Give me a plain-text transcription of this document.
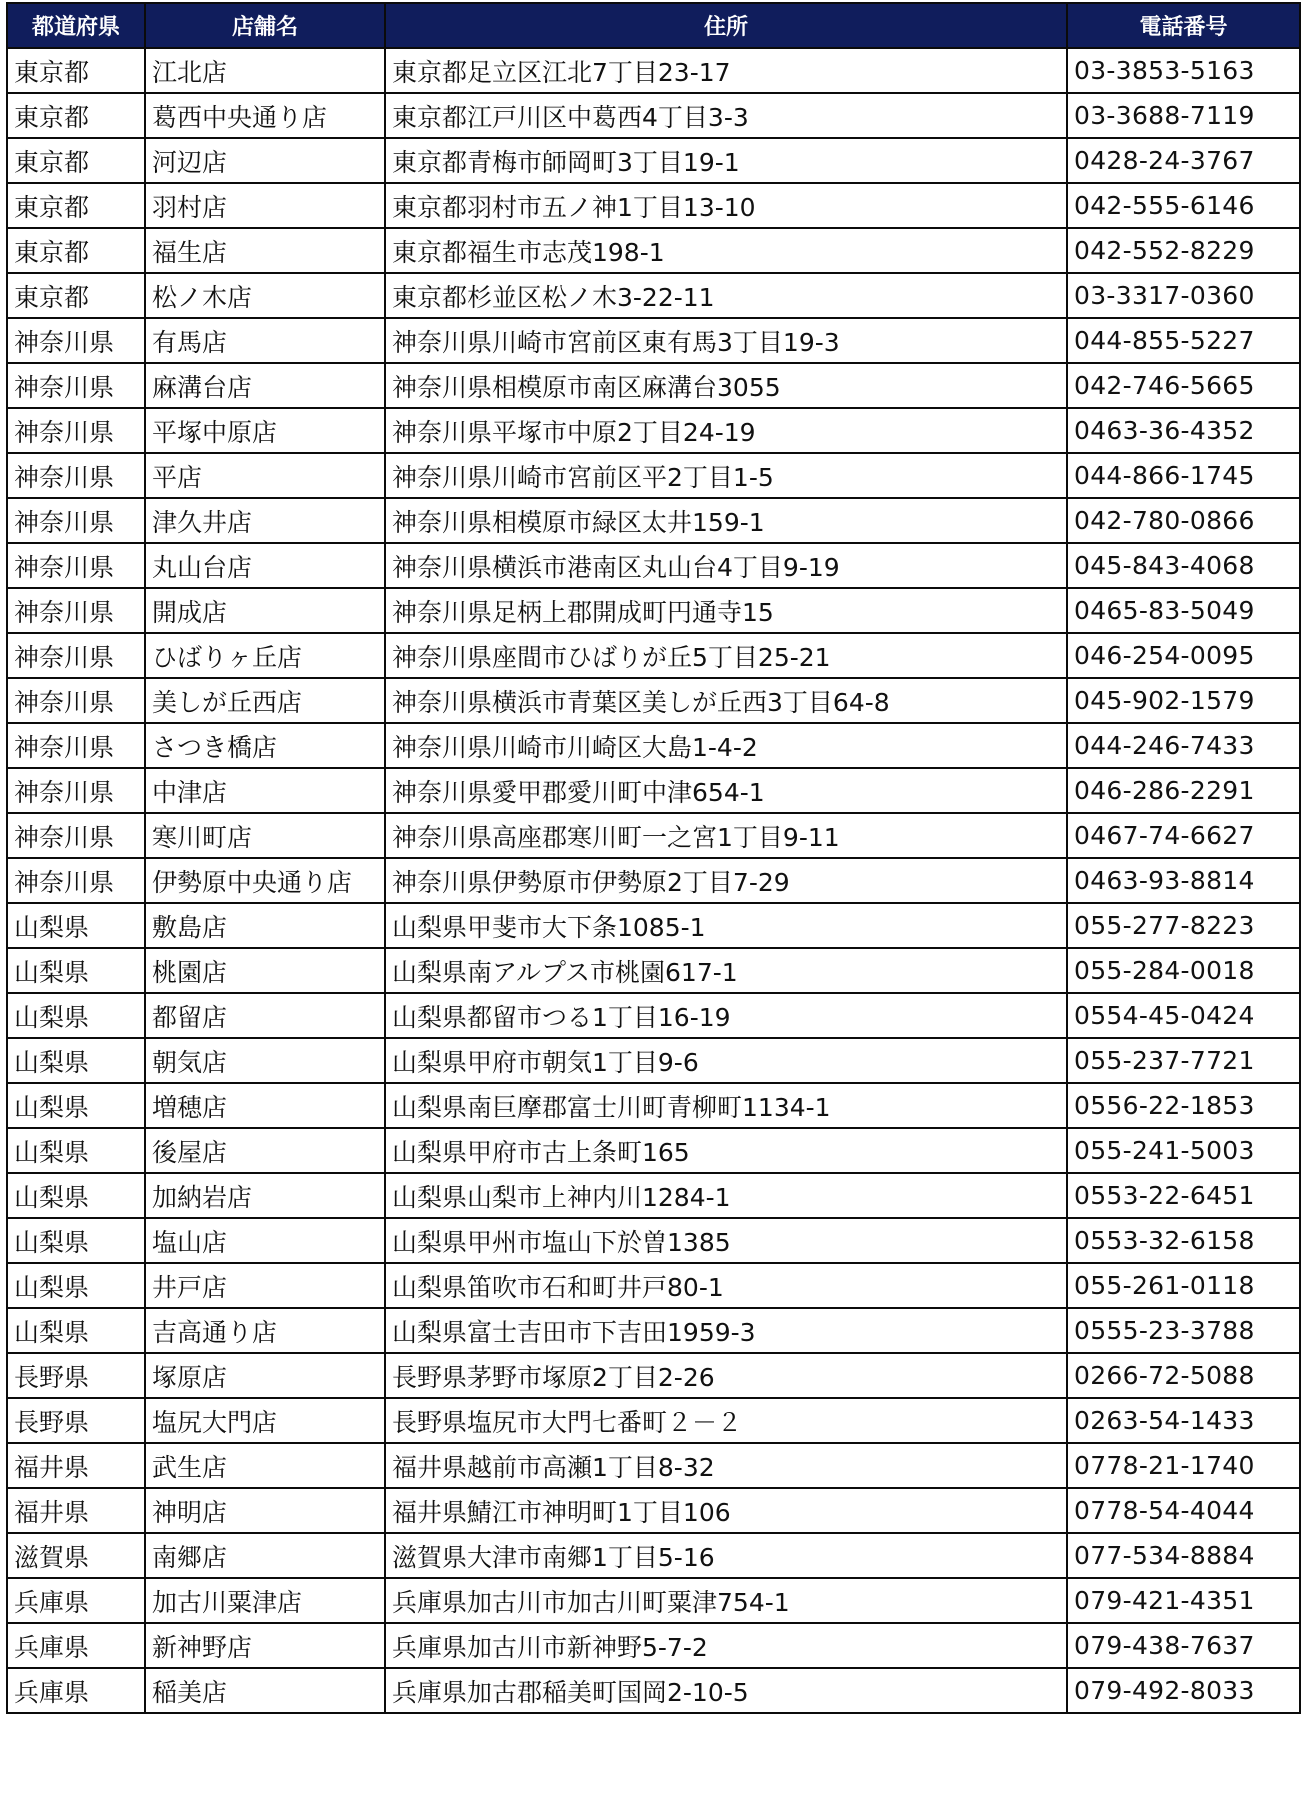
都道府県	店舗名	住所	電話番号
東京都	江北店	東京都足立区江北7丁目23-17	03-3853-5163
東京都	葛西中央通り店	東京都江戸川区中葛西4丁目3-3	03-3688-7119
東京都	河辺店	東京都青梅市師岡町3丁目19-1	0428-24-3767
東京都	羽村店	東京都羽村市五ノ神1丁目13-10	042-555-6146
東京都	福生店	東京都福生市志茂198-1	042-552-8229
東京都	松ノ木店	東京都杉並区松ノ木3-22-11	03-3317-0360
神奈川県	有馬店	神奈川県川崎市宮前区東有馬3丁目19-3	044-855-5227
神奈川県	麻溝台店	神奈川県相模原市南区麻溝台3055	042-746-5665
神奈川県	平塚中原店	神奈川県平塚市中原2丁目24-19	0463-36-4352
神奈川県	平店	神奈川県川崎市宮前区平2丁目1-5	044-866-1745
神奈川県	津久井店	神奈川県相模原市緑区太井159-1	042-780-0866
神奈川県	丸山台店	神奈川県横浜市港南区丸山台4丁目9-19	045-843-4068
神奈川県	開成店	神奈川県足柄上郡開成町円通寺15	0465-83-5049
神奈川県	ひばりヶ丘店	神奈川県座間市ひばりが丘5丁目25-21	046-254-0095
神奈川県	美しが丘西店	神奈川県横浜市青葉区美しが丘西3丁目64-8	045-902-1579
神奈川県	さつき橋店	神奈川県川崎市川崎区大島1-4-2	044-246-7433
神奈川県	中津店	神奈川県愛甲郡愛川町中津654-1	046-286-2291
神奈川県	寒川町店	神奈川県高座郡寒川町一之宮1丁目9-11	0467-74-6627
神奈川県	伊勢原中央通り店	神奈川県伊勢原市伊勢原2丁目7-29	0463-93-8814
山梨県	敷島店	山梨県甲斐市大下条1085-1	055-277-8223
山梨県	桃園店	山梨県南アルプス市桃園617-1	055-284-0018
山梨県	都留店	山梨県都留市つる1丁目16-19	0554-45-0424
山梨県	朝気店	山梨県甲府市朝気1丁目9-6	055-237-7721
山梨県	増穂店	山梨県南巨摩郡富士川町青柳町1134-1	0556-22-1853
山梨県	後屋店	山梨県甲府市古上条町165	055-241-5003
山梨県	加納岩店	山梨県山梨市上神内川1284-1	0553-22-6451
山梨県	塩山店	山梨県甲州市塩山下於曽1385	0553-32-6158
山梨県	井戸店	山梨県笛吹市石和町井戸80-1	055-261-0118
山梨県	吉高通り店	山梨県富士吉田市下吉田1959-3	0555-23-3788
長野県	塚原店	長野県茅野市塚原2丁目2-26	0266-72-5088
長野県	塩尻大門店	長野県塩尻市大門七番町２－２	0263-54-1433
福井県	武生店	福井県越前市高瀬1丁目8-32	0778-21-1740
福井県	神明店	福井県鯖江市神明町1丁目106	0778-54-4044
滋賀県	南郷店	滋賀県大津市南郷1丁目5-16	077-534-8884
兵庫県	加古川粟津店	兵庫県加古川市加古川町粟津754-1	079-421-4351
兵庫県	新神野店	兵庫県加古川市新神野5-7-2	079-438-7637
兵庫県	稲美店	兵庫県加古郡稲美町国岡2-10-5	079-492-8033
